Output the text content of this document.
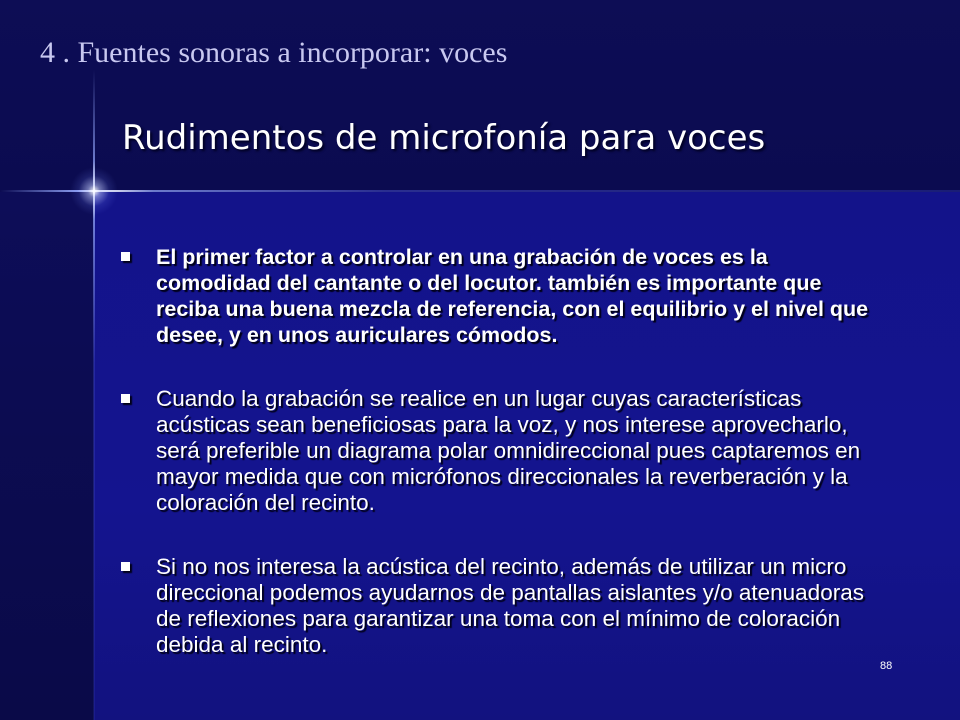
4 . Fuentes sonoras a incorporar: voces
Rudimentos de microfonía para voces
El primer factor a controlar en una grabación de voces es la comodidad del cantante o del locutor. también es importante que reciba una buena mezcla de referencia, con el equilibrio y el nivel que desee, y en unos auriculares cómodos.
Cuando la grabación se realice en un lugar cuyas características acústicas sean beneficiosas para la voz, y nos interese aprovecharlo, será preferible un diagrama polar omnidireccional pues captaremos en mayor medida que con micrófonos direccionales la reverberación y la coloración del recinto.
Si no nos interesa la acústica del recinto, además de utilizar un micro direccional podemos ayudarnos de pantallas aislantes y/o atenuadoras de reflexiones para garantizar una toma con el mínimo de coloración debida al recinto.
88
